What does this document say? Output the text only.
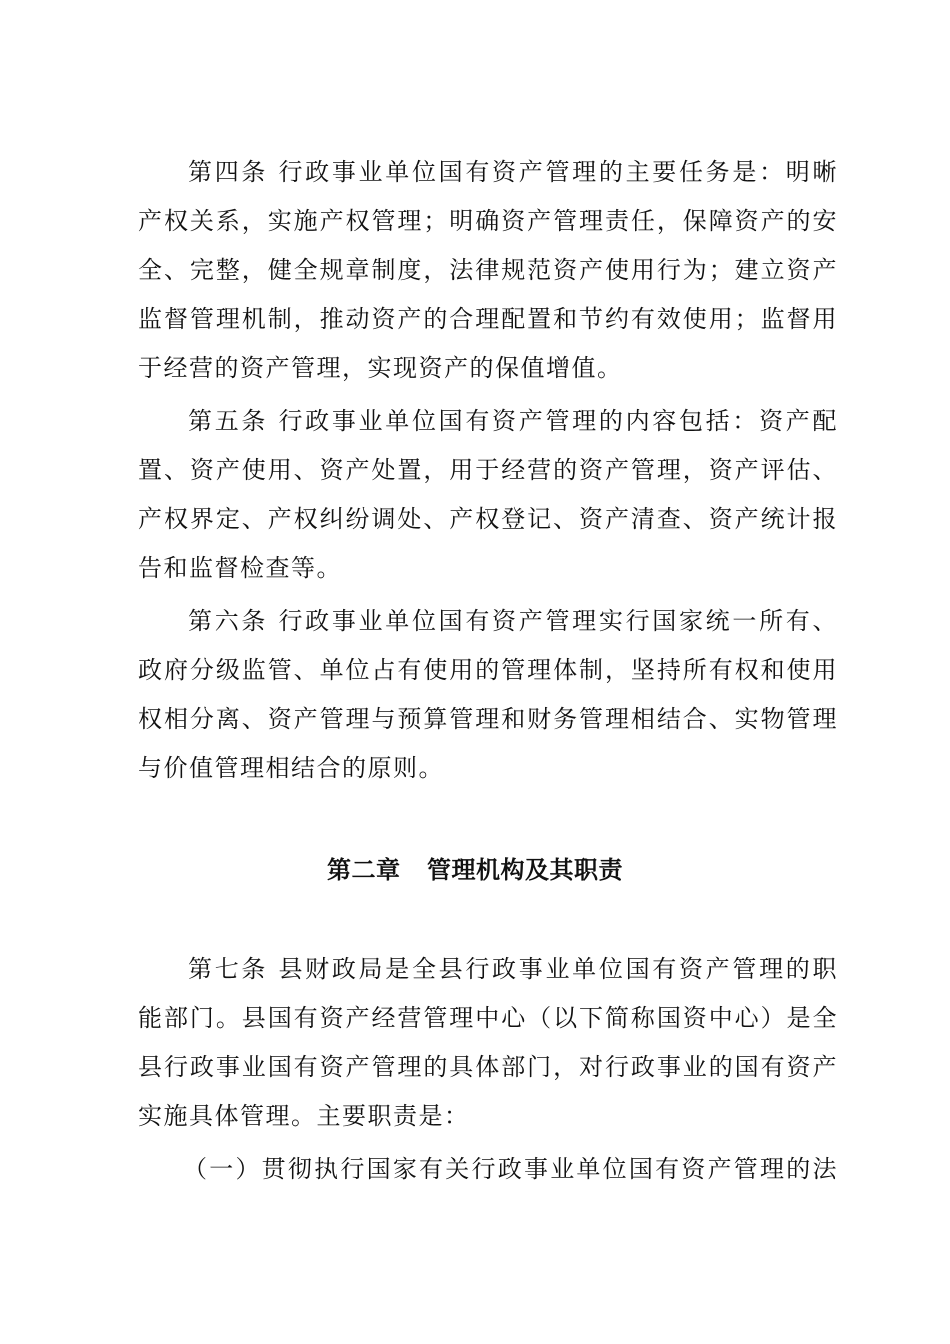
第四条 行政事业单位国有资产管理的主要任务是：明晰
产权关系，实施产权管理；明确资产管理责任，保障资产的安
全、完整，健全规章制度，法律规范资产使用行为；建立资产
监督管理机制，推动资产的合理配置和节约有效使用；监督用
于经营的资产管理，实现资产的保值增值。
第五条 行政事业单位国有资产管理的内容包括：资产配
置、资产使用、资产处置，用于经营的资产管理，资产评估、
产权界定、产权纠纷调处、产权登记、资产清查、资产统计报
告和监督检查等。
第六条 行政事业单位国有资产管理实行国家统一所有、
政府分级监管、单位占有使用的管理体制，坚持所有权和使用
权相分离、资产管理与预算管理和财务管理相结合、实物管理
与价值管理相结合的原则。
第二章   管理机构及其职责
第七条 县财政局是全县行政事业单位国有资产管理的职
能部门。县国有资产经营管理中心（以下简称国资中心）是全
县行政事业国有资产管理的具体部门，对行政事业的国有资产
实施具体管理。主要职责是：
（一）贯彻执行国家有关行政事业单位国有资产管理的法
